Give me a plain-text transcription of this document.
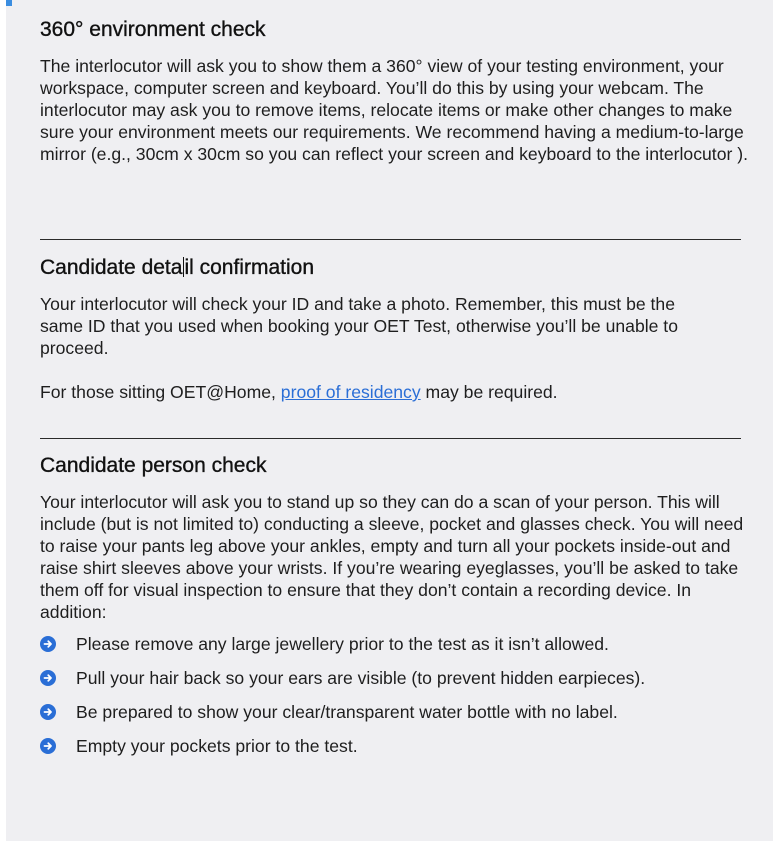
360° environment check

The interlocutor will ask you to show them a 360° view of your testing environment, your workspace, computer screen and keyboard. You’ll do this by using your webcam. The interlocutor may ask you to remove items, relocate items or make other changes to make sure your environment meets our requirements. We recommend having a medium-to-large mirror (e.g., 30cm x 30cm so you can reflect your screen and keyboard to the interlocutor ).

Candidate detail confirmation

Your interlocutor will check your ID and take a photo. Remember, this must be the same ID that you used when booking your OET Test, otherwise you’ll be unable to proceed.

For those sitting OET@Home, proof of residency may be required.

Candidate person check

Your interlocutor will ask you to stand up so they can do a scan of your person. This will include (but is not limited to) conducting a sleeve, pocket and glasses check. You will need to raise your pants leg above your ankles, empty and turn all your pockets inside-out and raise shirt sleeves above your wrists. If you’re wearing eyeglasses, you’ll be asked to take them off for visual inspection to ensure that they don’t contain a recording device. In addition:

Please remove any large jewellery prior to the test as it isn’t allowed.
Pull your hair back so your ears are visible (to prevent hidden earpieces).
Be prepared to show your clear/transparent water bottle with no label.
Empty your pockets prior to the test.
